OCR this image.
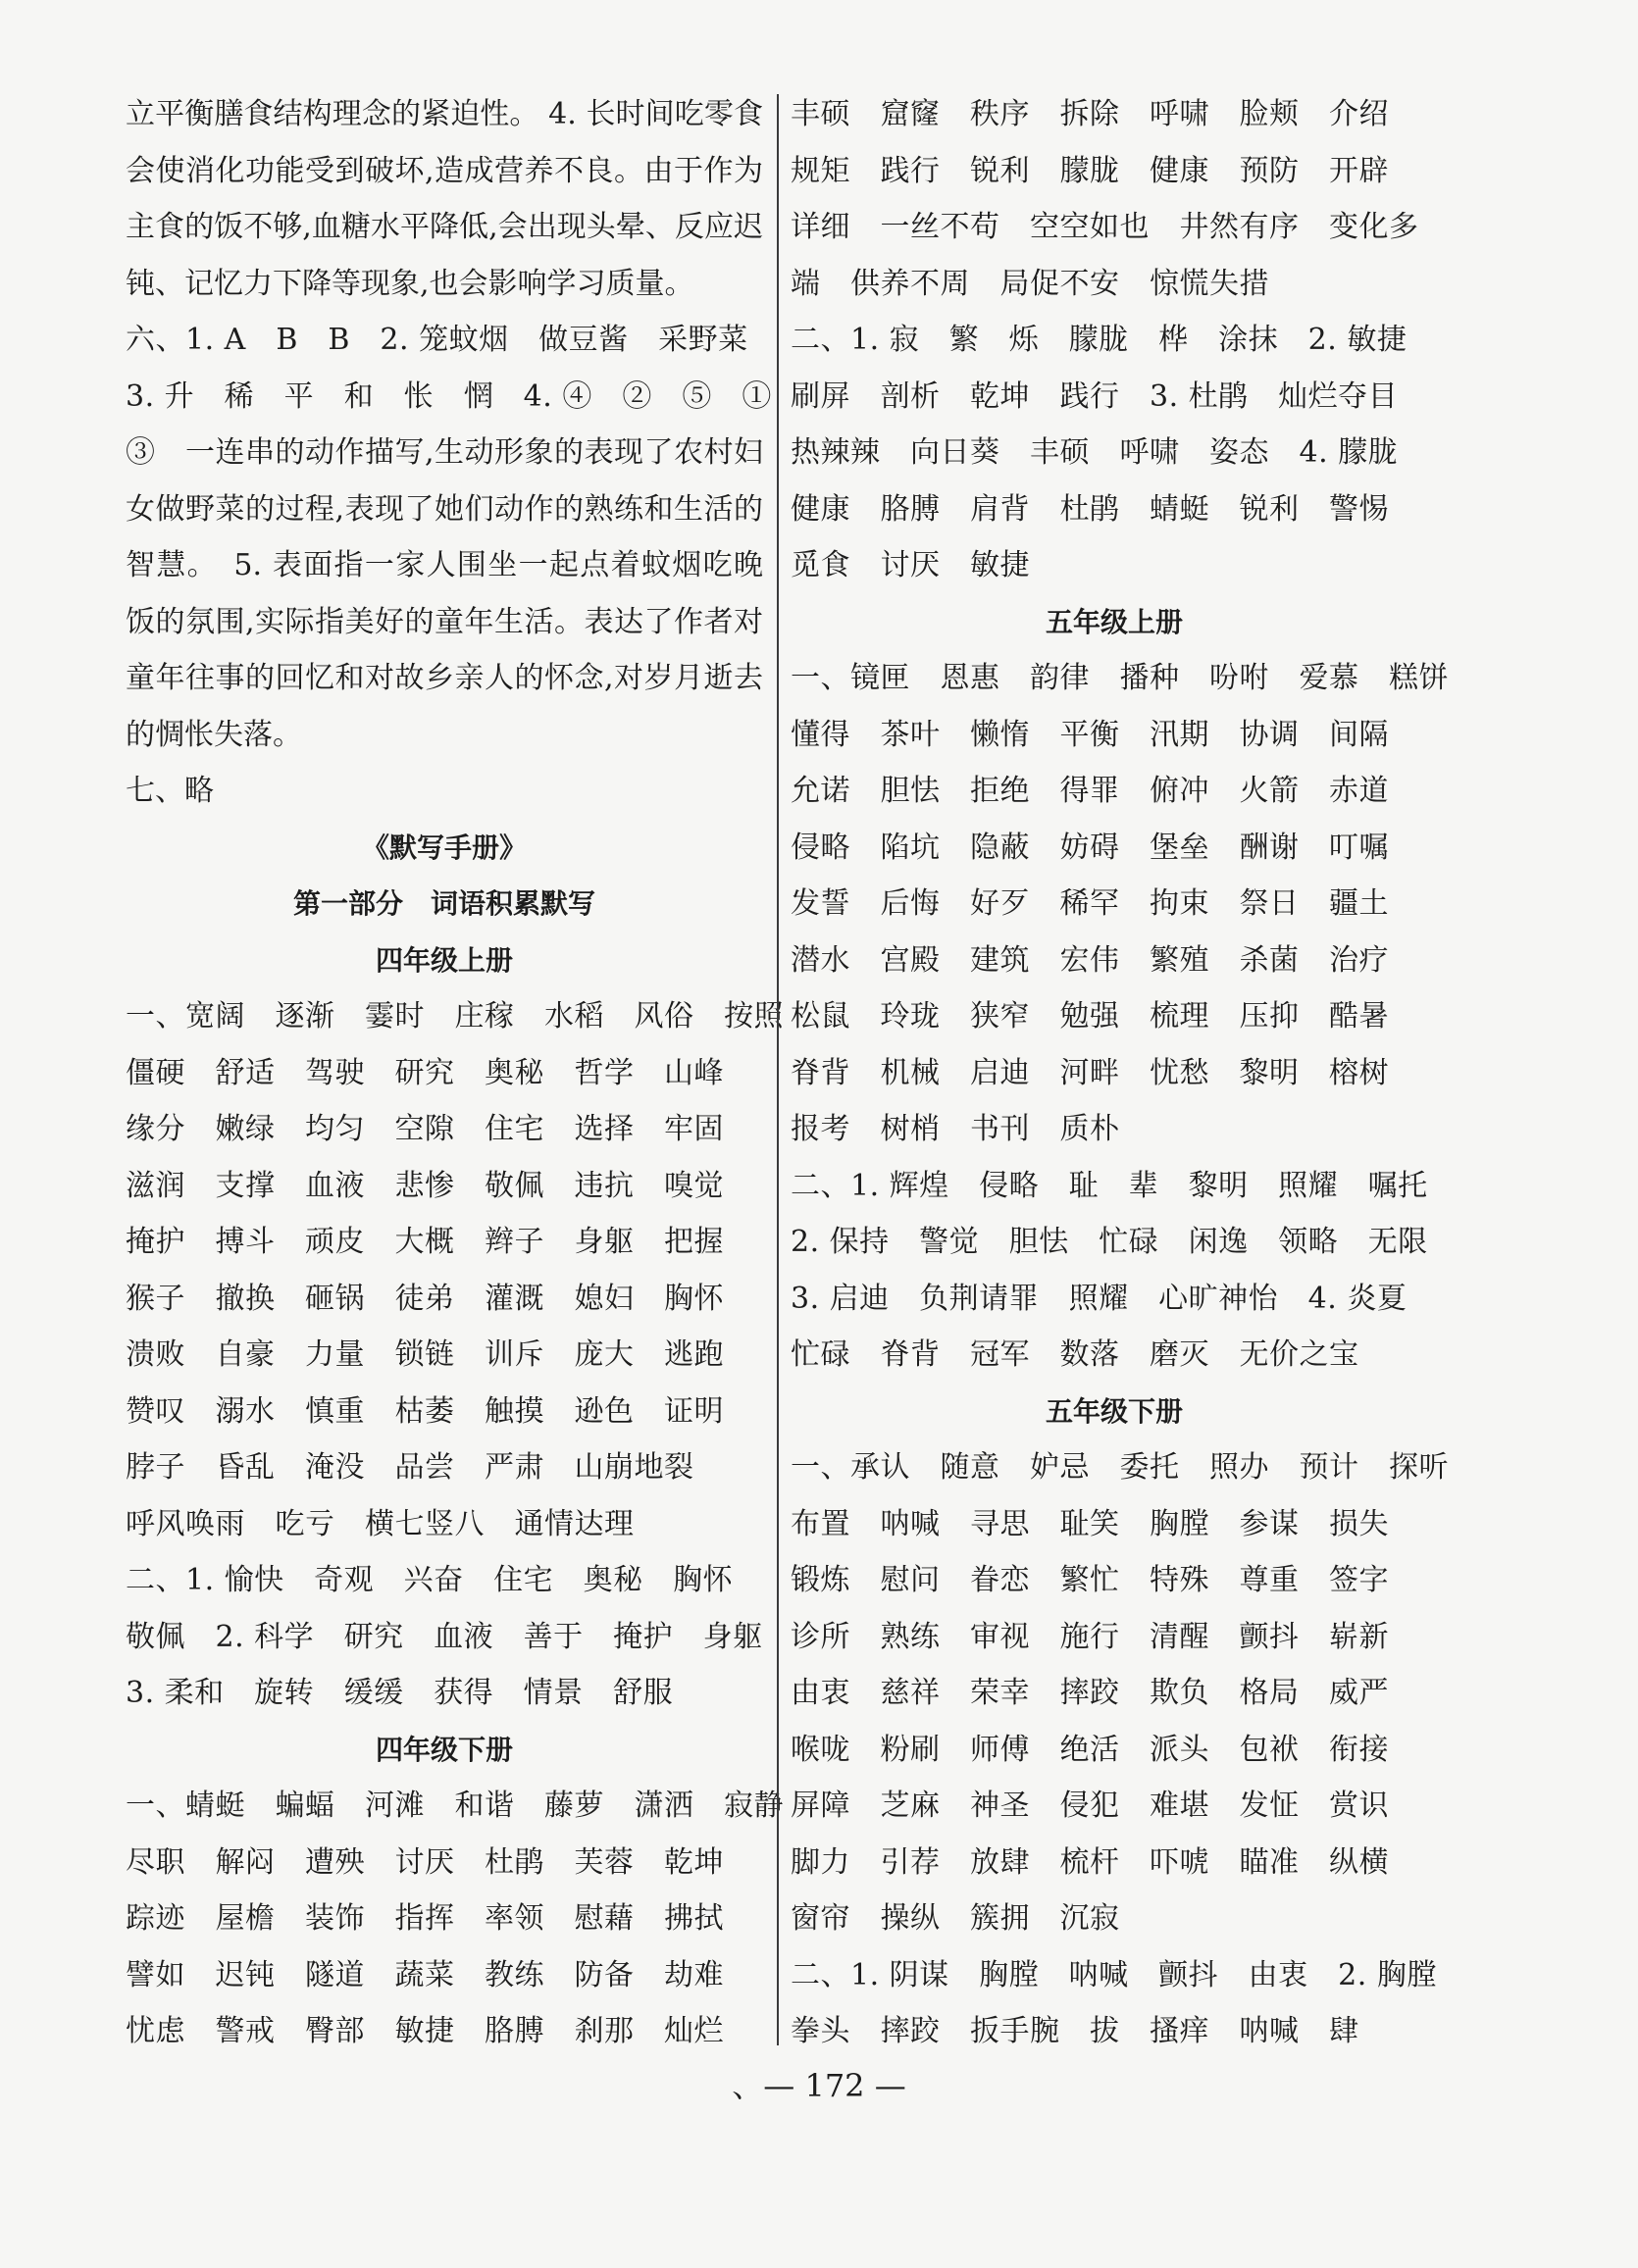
立平衡膳食结构理念的紧迫性。 4. 长时间吃零食会使消化功能受到破坏,造成营养不良。由于作为主食的饭不够,血糖水平降低,会出现头晕、反应迟钝、记忆力下降等现象,也会影响学习质量。
六、1. A　B　B　2. 笼蚊烟　做豆酱　采野菜
3. 升　稀　平　和　怅　惘　4. ④　②　⑤　①
③　一连串的动作描写,生动形象的表现了农村妇女做野菜的过程,表现了她们动作的熟练和生活的智慧。　5. 表面指一家人围坐一起点着蚊烟吃晚饭的氛围,实际指美好的童年生活。表达了作者对童年往事的回忆和对故乡亲人的怀念,对岁月逝去的惆怅失落。
七、略
《默写手册》
第一部分　词语积累默写
四年级上册
一、宽阔　逐渐　霎时　庄稼　水稻　风俗　按照
僵硬　舒适　驾驶　研究　奥秘　哲学　山峰
缘分　嫩绿　均匀　空隙　住宅　选择　牢固
滋润　支撑　血液　悲惨　敬佩　违抗　嗅觉
掩护　搏斗　顽皮　大概　辫子　身躯　把握
猴子　撤换　砸锅　徒弟　灌溉　媳妇　胸怀
溃败　自豪　力量　锁链　训斥　庞大　逃跑
赞叹　溺水　慎重　枯萎　触摸　逊色　证明
脖子　昏乱　淹没　品尝　严肃　山崩地裂
呼风唤雨　吃亏　横七竖八　通情达理
二、1. 愉快　奇观　兴奋　住宅　奥秘　胸怀
敬佩　2. 科学　研究　血液　善于　掩护　身躯
3. 柔和　旋转　缓缓　获得　情景　舒服
四年级下册
一、蜻蜓　蝙蝠　河滩　和谐　藤萝　潇洒　寂静
尽职　解闷　遭殃　讨厌　杜鹃　芙蓉　乾坤
踪迹　屋檐　装饰　指挥　率领　慰藉　拂拭
譬如　迟钝　隧道　蔬菜　教练　防备　劫难
忧虑　警戒　臀部　敏捷　胳膊　刹那　灿烂
丰硕　窟窿　秩序　拆除　呼啸　脸颊　介绍
规矩　践行　锐利　朦胧　健康　预防　开辟
详细　一丝不苟　空空如也　井然有序　变化多
端　供养不周　局促不安　惊慌失措
二、1. 寂　繁　烁　朦胧　桦　涂抹　2. 敏捷
刷屏　剖析　乾坤　践行　3. 杜鹃　灿烂夺目
热辣辣　向日葵　丰硕　呼啸　姿态　4. 朦胧
健康　胳膊　肩背　杜鹃　蜻蜓　锐利　警惕
觅食　讨厌　敏捷
五年级上册
一、镜匣　恩惠　韵律　播种　吩咐　爱慕　糕饼
懂得　茶叶　懒惰　平衡　汛期　协调　间隔
允诺　胆怯　拒绝　得罪　俯冲　火箭　赤道
侵略　陷坑　隐蔽　妨碍　堡垒　酬谢　叮嘱
发誓　后悔　好歹　稀罕　拘束　祭日　疆土
潜水　宫殿　建筑　宏伟　繁殖　杀菌　治疗
松鼠　玲珑　狭窄　勉强　梳理　压抑　酷暑
脊背　机械　启迪　河畔　忧愁　黎明　榕树
报考　树梢　书刊　质朴
二、1. 辉煌　侵略　耻　辈　黎明　照耀　嘱托
2. 保持　警觉　胆怯　忙碌　闲逸　领略　无限
3. 启迪　负荆请罪　照耀　心旷神怡　4. 炎夏
忙碌　脊背　冠军　数落　磨灭　无价之宝
五年级下册
一、承认　随意　妒忌　委托　照办　预计　探听
布置　呐喊　寻思　耻笑　胸膛　参谋　损失
锻炼　慰问　眷恋　繁忙　特殊　尊重　签字
诊所　熟练　审视　施行　清醒　颤抖　崭新
由衷　慈祥　荣幸　摔跤　欺负　格局　威严
喉咙　粉刷　师傅　绝活　派头　包袱　衔接
屏障　芝麻　神圣　侵犯　难堪　发怔　赏识
脚力　引荐　放肆　梳杆　吓唬　瞄准　纵横
窗帘　操纵　簇拥　沉寂
二、1. 阴谋　胸膛　呐喊　颤抖　由衷　2. 胸膛
拳头　摔跤　扳手腕　拔　搔痒　呐喊　肆
、— 172 —
